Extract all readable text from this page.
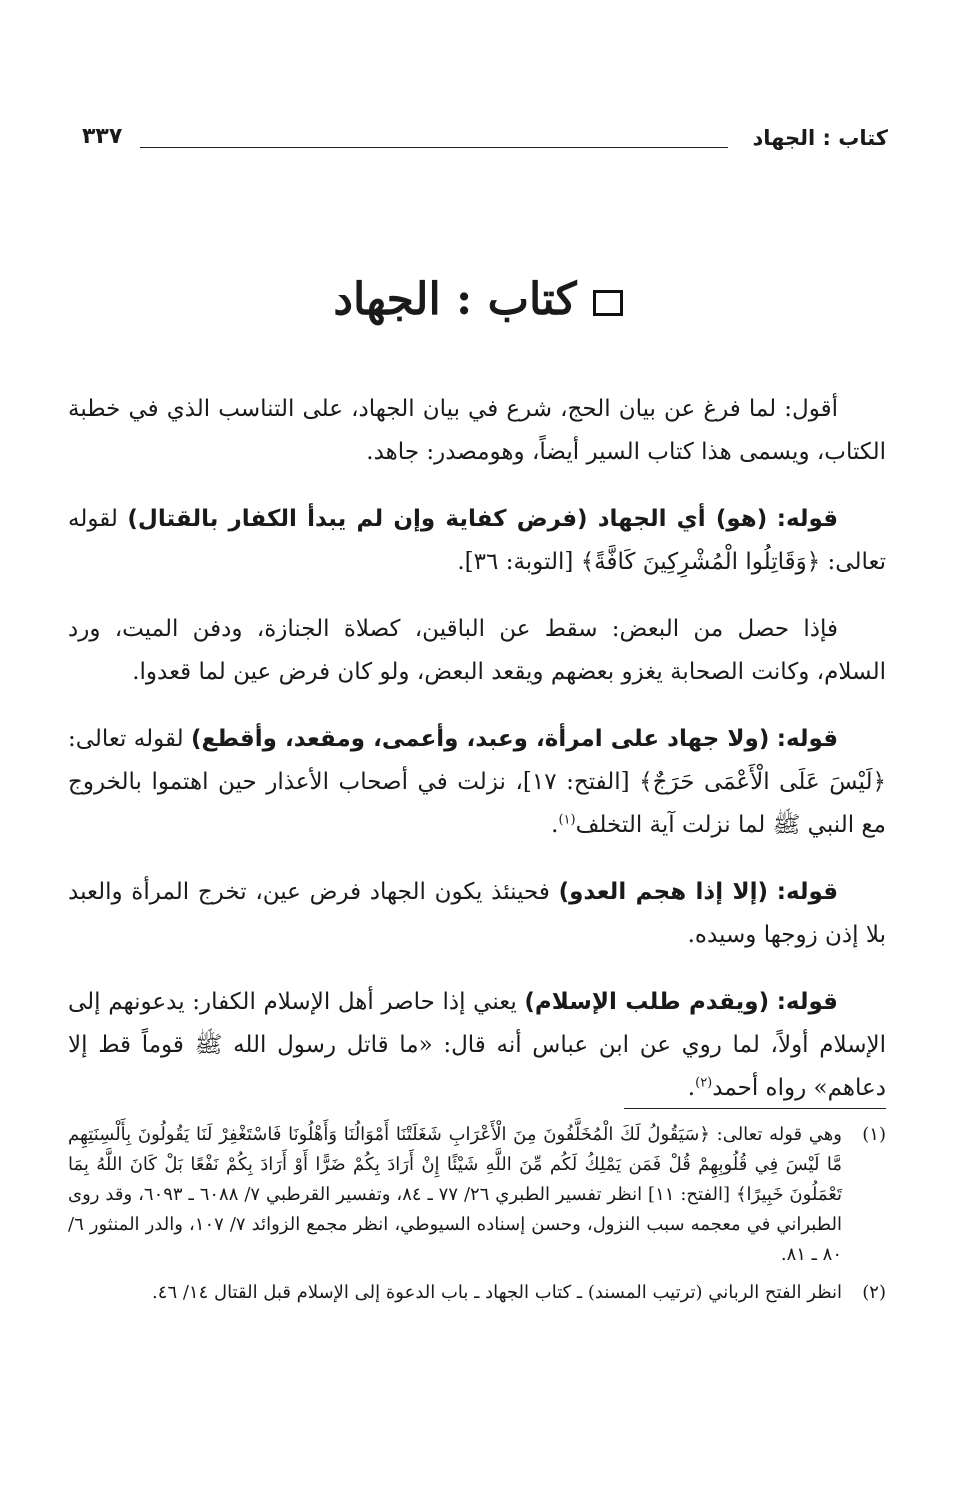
كتاب : الجهاد
٣٣٧
كتاب : الجهاد

أقول: لما فرغ عن بيان الحج، شرع في بيان الجهاد، على التناسب الذي في خطبة الكتاب، ويسمى هذا كتاب السير أيضاً، وهومصدر: جاهد.

قوله: (هو) أي الجهاد (فرض كفاية وإن لم يبدأ الكفار بالقتال) لقوله تعالى: ﴿وَقَاتِلُوا الْمُشْرِكِينَ كَافَّةً﴾ [التوبة: ٣٦].

فإذا حصل من البعض: سقط عن الباقين، كصلاة الجنازة، ودفن الميت، ورد السلام، وكانت الصحابة يغزو بعضهم ويقعد البعض، ولو كان فرض عين لما قعدوا.

قوله: (ولا جهاد على امرأة، وعبد، وأعمى، ومقعد، وأقطع) لقوله تعالى: ﴿لَيْسَ عَلَى الْأَعْمَى حَرَجٌ﴾ [الفتح: ١٧]، نزلت في أصحاب الأعذار حين اهتموا بالخروج مع النبي ﷺ لما نزلت آية التخلف$^{(١)}$.

قوله: (إلا إذا هجم العدو) فحينئذ يكون الجهاد فرض عين، تخرج المرأة والعبد بلا إذن زوجها وسيده.

قوله: (ويقدم طلب الإسلام) يعني إذا حاصر أهل الإسلام الكفار: يدعونهم إلى الإسلام أولاً، لما روي عن ابن عباس أنه قال: «ما قاتل رسول الله ﷺ قوماً قط إلا دعاهم» رواه أحمد$^{(٢)}$.

(١)
وهي قوله تعالى: ﴿سَيَقُولُ لَكَ الْمُخَلَّفُونَ مِنَ الْأَعْرَابِ شَغَلَتْنَا أَمْوَالُنَا وَأَهْلُونَا فَاسْتَغْفِرْ لَنَا يَقُولُونَ بِأَلْسِنَتِهِم مَّا لَيْسَ فِي قُلُوبِهِمْ قُلْ فَمَن يَمْلِكُ لَكُم مِّنَ اللَّهِ شَيْئًا إِنْ أَرَادَ بِكُمْ ضَرًّا أَوْ أَرَادَ بِكُمْ نَفْعًا بَلْ كَانَ اللَّهُ بِمَا تَعْمَلُونَ خَبِيرًا﴾ [الفتح: ١١] انظر تفسير الطبري ٢٦/ ٧٧ ـ ٨٤، وتفسير القرطبي ٧/ ٦٠٨٨ ـ ٦٠٩٣، وقد روى الطبراني في معجمه سبب النزول، وحسن إسناده السيوطي، انظر مجمع الزوائد ٧/ ١٠٧، والدر المنثور ٦/ ٨٠ ـ ٨١.
(٢)
انظر الفتح الرباني (ترتيب المسند) ـ كتاب الجهاد ـ باب الدعوة إلى الإسلام قبل القتال ١٤/ ٤٦.
